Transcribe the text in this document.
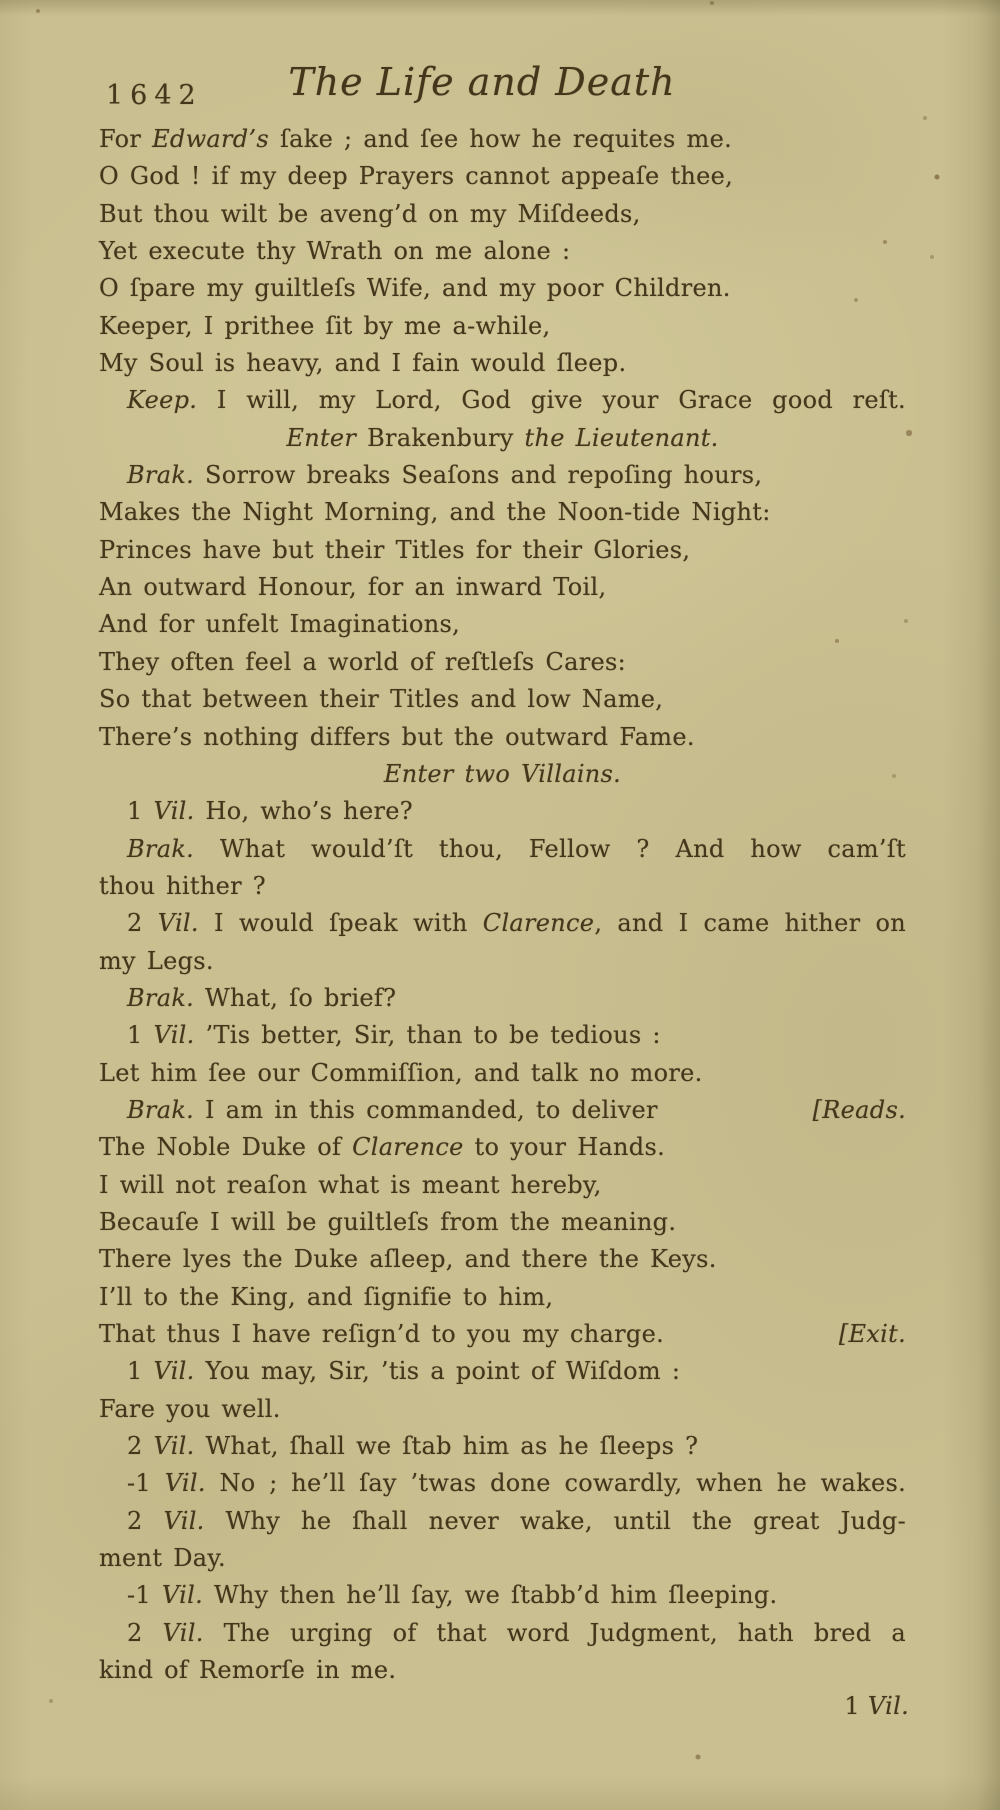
1642	The Life and Death
For Edward’s ſake ; and ſee how he requites me.
O God ! if my deep Prayers cannot appeaſe thee,
But thou wilt be aveng’d on my Miſdeeds,
Yet execute thy Wrath on me alone :
O ſpare my guiltleſs Wife, and my poor Children.
Keeper, I prithee ſit by me a-while,
My Soul is heavy, and I fain would ſleep.
Keep. I will, my Lord, God give your Grace good reſt.
Enter Brakenbury the Lieutenant.
Brak. Sorrow breaks Seaſons and repoſing hours,
Makes the Night Morning, and the Noon-tide Night:
Princes have but their Titles for their Glories,
An outward Honour, for an inward Toil,
And for unfelt Imaginations,
They often feel a world of reſtleſs Cares:
So that between their Titles and low Name,
There’s nothing differs but the outward Fame.
Enter two Villains.
1 Vil. Ho, who’s here?
Brak. What would’ſt thou, Fellow ? And how cam’ſt
thou hither ?
2 Vil. I would ſpeak with Clarence, and I came hither on
my Legs.
Brak. What, ſo brief?
1 Vil. ’Tis better, Sir, than to be tedious :
Let him ſee our Commiſſion, and talk no more.
Brak. I am in this commanded, to deliver	[Reads.
The Noble Duke of Clarence to your Hands.
I will not reaſon what is meant hereby,
Becauſe I will be guiltleſs from the meaning.
There lyes the Duke aſleep, and there the Keys.
I’ll to the King, and ſignifie to him,
That thus I have reſign’d to you my charge.	[Exit.
1 Vil. You may, Sir, ’tis a point of Wiſdom :
Fare you well.
2 Vil. What, ſhall we ſtab him as he ſleeps ?
-1 Vil. No ; he’ll ſay ’twas done cowardly, when he wakes.
2 Vil. Why he ſhall never wake, until the great Judg-
ment Day.
-1 Vil. Why then he’ll ſay, we ſtabb’d him ſleeping.
2 Vil. The urging of that word Judgment, hath bred a
kind of Remorſe in me.
1 Vil.
